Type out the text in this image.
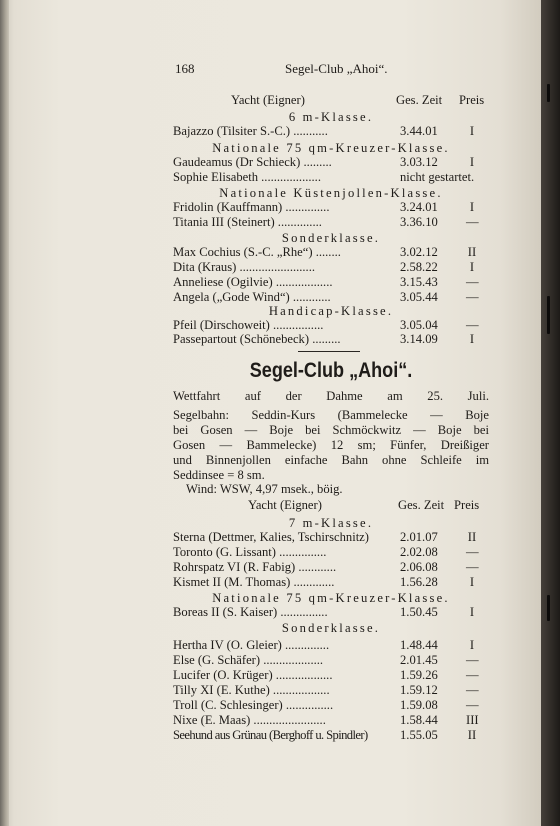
168	Segel-Club „Ahoi“.
Yacht (Eigner)	Ges. Zeit Preis
6 m-Klasse.
Bajazzo (Tilsiter S.-C.) ...........	3.44.01	I
Nationale 75 qm-Kreuzer-Klasse.
Gaudeamus (Dr Schieck) .........	3.03.12	I
Sophie Elisabeth ...................	nicht gestartet.
Nationale Küstenjollen-Klasse.
Fridolin (Kauffmann) ..............	3.24.01	I
Titania III (Steinert) ..............	3.36.10 —
Sonderklasse.
Max Cochius (S.-C. „Rhe“) ........	3.02.12 II
Dita (Kraus) ........................	2.58.22	I
Anneliese (Ogilvie) ..................	3.15.43 —
Angela („Gode Wind“) ............	3.05.44 —
Handicap-Klasse.
Pfeil (Dirschoweit) ................	3.05.04 —
Passepartout (Schönebeck) .........	3.14.09	I
Segel-Club „Ahoi“.
Wettfahrt auf der Dahme am 25. Juli.
Segelbahn: Seddin-Kurs (Bammelecke — Boje
bei Gosen — Boje bei Schmöckwitz — Boje bei
Gosen — Bammelecke) 12 sm; Fünfer, Dreißiger
und Binnenjollen einfache Bahn ohne Schleife im
Seddinsee = 8 sm.
Wind: WSW, 4,97 msek., böig.
Yacht (Eigner)	Ges. Zeit Preis
7 m-Klasse.
Sterna (Dettmer, Kalies, Tschirschnitz) 2.01.07 II
Toronto (G. Lissant) ...............	2.02.08 —
Rohrspatz VI (R. Fabig) ............	2.06.08 —
Kismet II (M. Thomas) .............	1.56.28	I
Nationale 75 qm-Kreuzer-Klasse.
Boreas II (S. Kaiser) ...............	1.50.45	I
Sonderklasse.
Hertha IV (O. Gleier) ..............	1.48.44	I
Else (G. Schäfer) ...................	2.01.45 —
Lucifer (O. Krüger) ..................	1.59.26 —
Tilly XI (E. Kuthe) ..................	1.59.12 —
Troll (C. Schlesinger) ...............	1.59.08 —
Nixe (E. Maas) .......................	1.58.44 III
Seehund aus Grünau (Berghoff u. Spindler)	1.55.05 II
